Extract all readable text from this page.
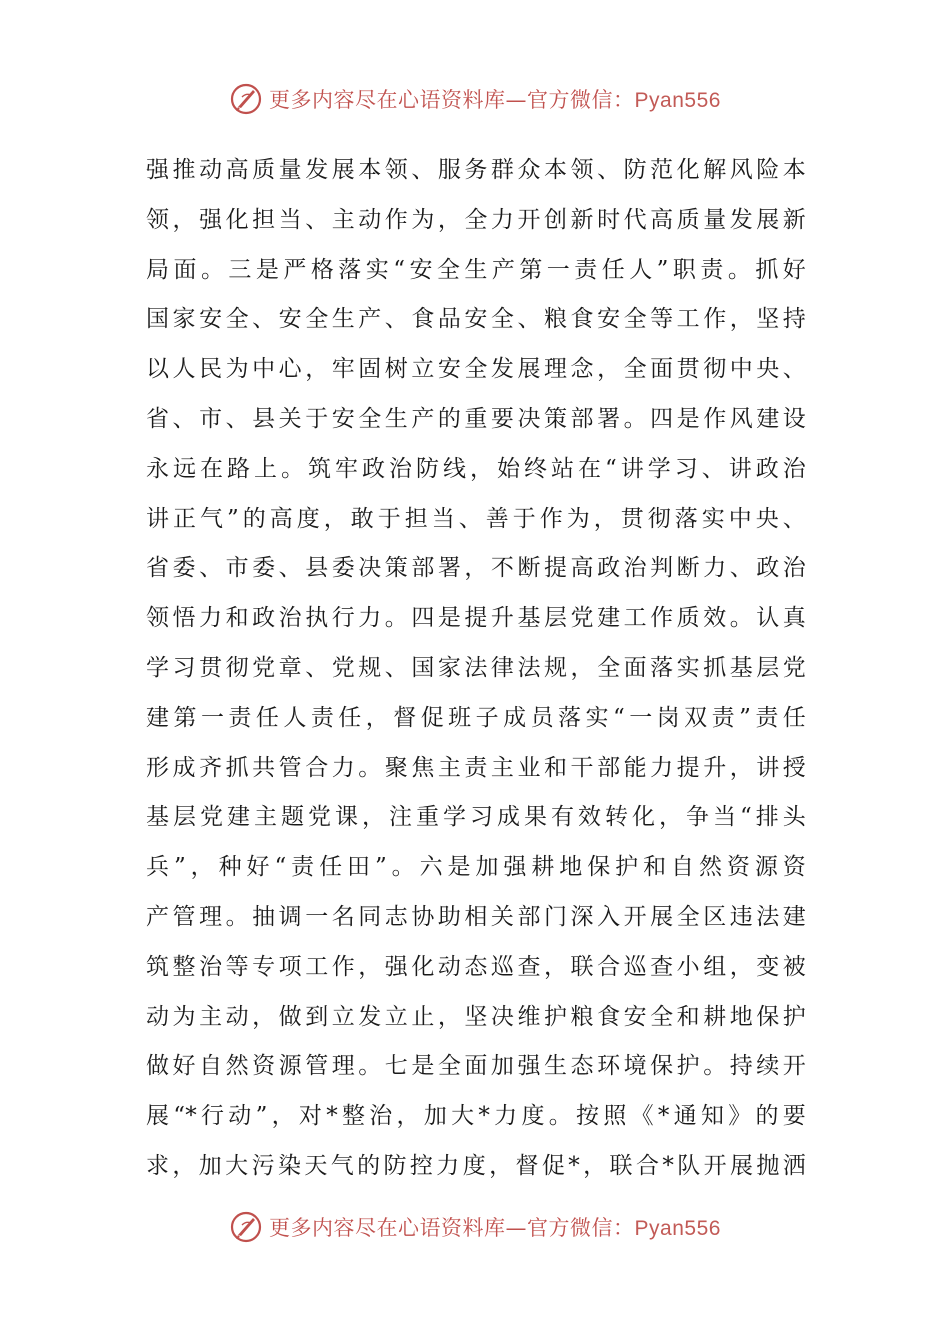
更多内容尽在心语资料库—官方微信：Pyan556
强推动高质量发展本领、服务群众本领、防范化解风险本
领，强化担当、主动作为，全力开创新时代高质量发展新
局面。三是严格落实“安全生产第一责任人”职责。抓好
国家安全、安全生产、食品安全、粮食安全等工作，坚持
以人民为中心，牢固树立安全发展理念，全面贯彻中央、
省、市、县关于安全生产的重要决策部署。四是作风建设
永远在路上。筑牢政治防线，始终站在“讲学习、讲政治
讲正气”的高度，敢于担当、善于作为，贯彻落实中央、
省委、市委、县委决策部署，不断提高政治判断力、政治
领悟力和政治执行力。四是提升基层党建工作质效。认真
学习贯彻党章、党规、国家法律法规，全面落实抓基层党
建第一责任人责任，督促班子成员落实“一岗双责”责任
形成齐抓共管合力。聚焦主责主业和干部能力提升，讲授
基层党建主题党课，注重学习成果有效转化，争当“排头
兵”，种好“责任田”。六是加强耕地保护和自然资源资
产管理。抽调一名同志协助相关部门深入开展全区违法建
筑整治等专项工作，强化动态巡查，联合巡查小组，变被
动为主动，做到立发立止，坚决维护粮食安全和耕地保护
做好自然资源管理。七是全面加强生态环境保护。持续开
展“*行动”，对*整治，加大*力度。按照《*通知》的要
求，加大污染天气的防控力度，督促*，联合*队开展抛洒
更多内容尽在心语资料库—官方微信：Pyan556
